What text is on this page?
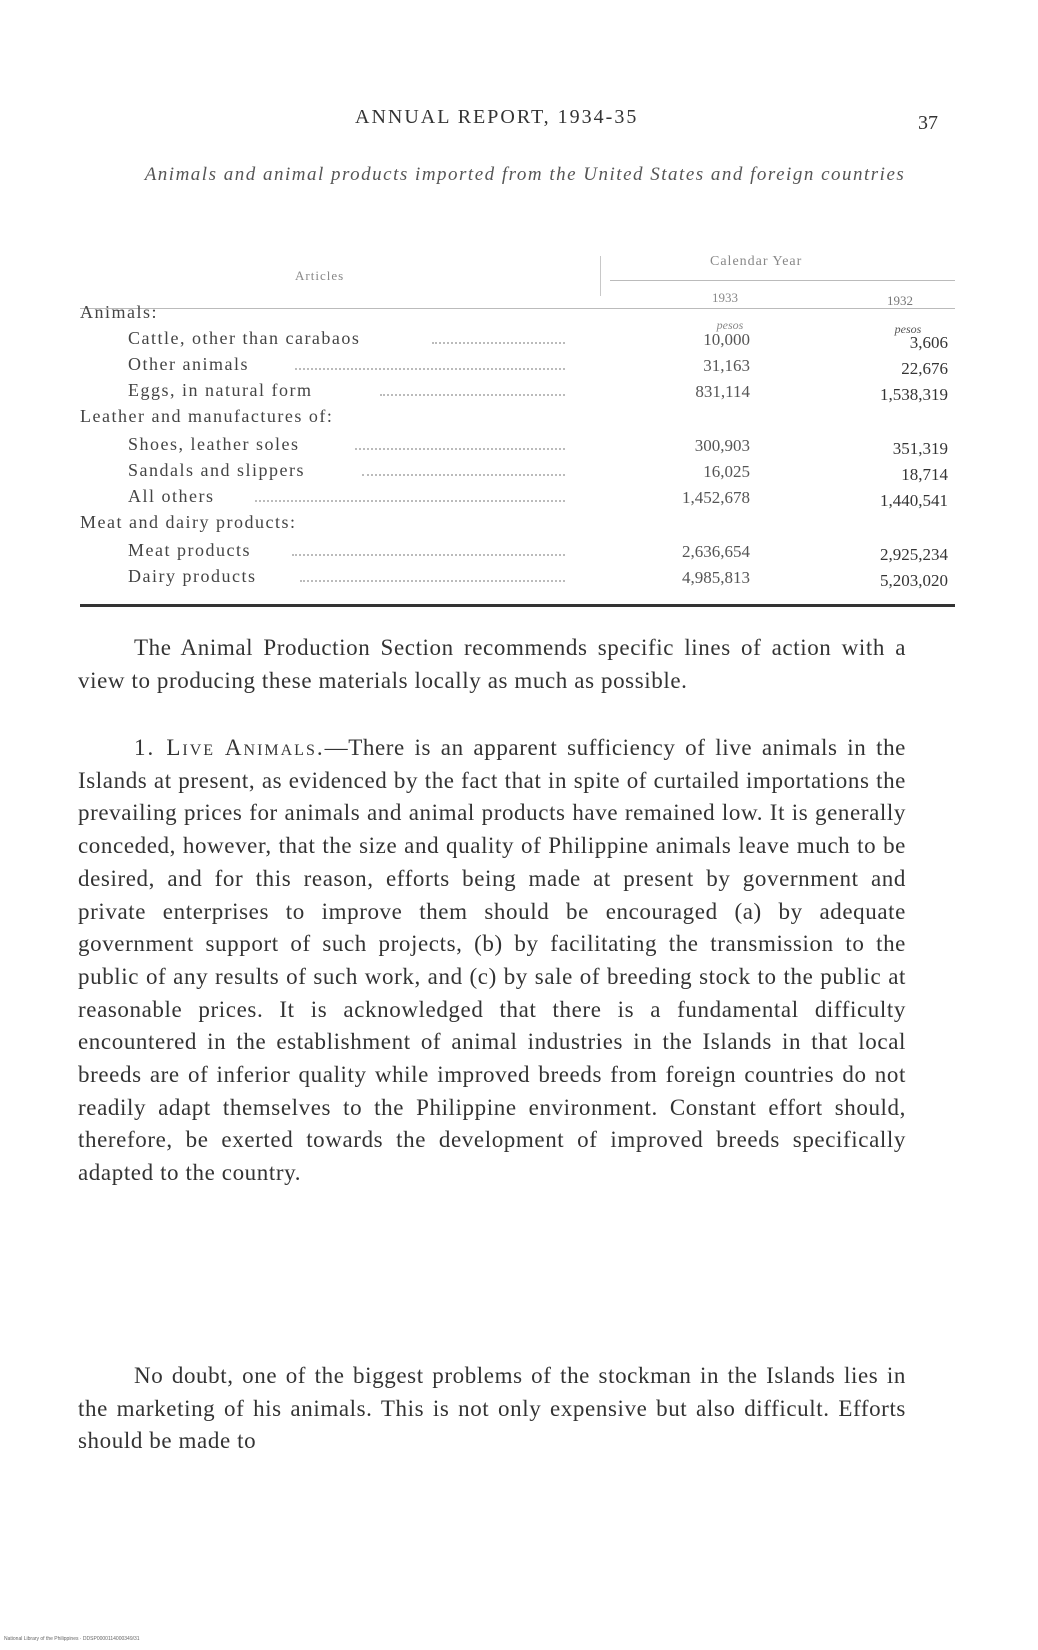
ANNUAL REPORT, 1934-35	37
Animals and animal products imported from the United States and foreign countries
Articles
Calendar Year
1933	1932
pesos	pesos
Animals:
Cattle, other than carabaos	10,000	3,606
Other animals	31,163	22,676
Eggs, in natural form	831,114	1,538,319
Leather and manufactures of:
Shoes, leather soles	300,903	351,319
Sandals and slippers	16,025	18,714
All others	1,452,678	1,440,541
Meat and dairy products:
Meat products	2,636,654	2,925,234
Dairy products	4,985,813	5,203,020

The Animal Production Section recommends specific lines of action with a view to producing these materials locally as much as possible.

1. Live Animals.—There is an apparent sufficiency of live animals in the Islands at present, as evidenced by the fact that in spite of curtailed importations the prevailing prices for animals and animal products have remained low. It is generally conceded, however, that the size and quality of Philippine animals leave much to be desired, and for this reason, efforts being made at present by government and private enterprises to improve them should be encouraged (a) by adequate government support of such projects, (b) by facilitating the transmission to the public of any results of such work, and (c) by sale of breeding stock to the public at reasonable prices. It is acknowledged that there is a fundamental difficulty encountered in the establishment of animal industries in the Islands in that local breeds are of inferior quality while improved breeds from foreign countries do not readily adapt themselves to the Philippine environment. Constant effort should, therefore, be exerted towards the development of improved breeds specifically adapted to the country.

No doubt, one of the biggest problems of the stockman in the Islands lies in the marketing of his animals. This is not only expensive but also difficult. Efforts should be made to

National Library of the Philippines · DDSP0000114000349/31
